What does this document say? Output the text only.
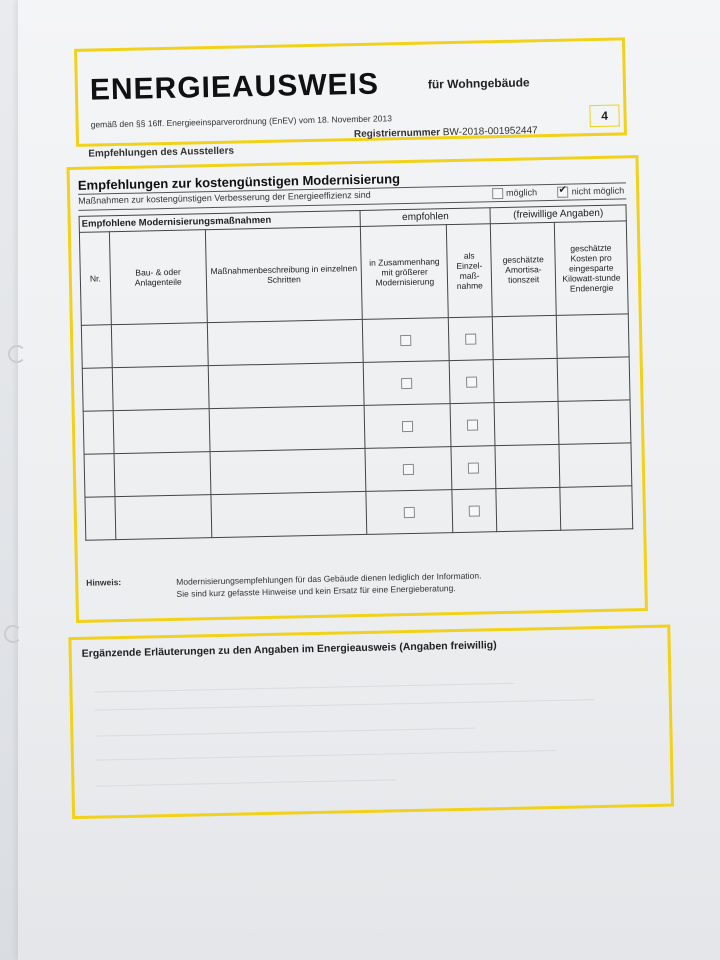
ENERGIEAUSWEIS	für Wohngebäude
gemäß den §§ 16ff. Energieeinsparverordnung (EnEV) vom 18. November 2013	4
Empfehlungen des Ausstellers
Registriernummer BW-2018-001952447
Empfehlungen zur kostengünstigen Modernisierung
Maßnahmen zur kostengünstigen Verbesserung der Energieeffizienz sind	möglich ✔	nicht möglich
Empfohlene Modernisierungsmaßnahmen			empfohlen		(freiwillige Angaben)	
Nr.	Bau- & oder Anlagenteile	Maßnahmenbeschreibung in einzelnen Schritten	in Zusammenhang mit größerer Modernisierung	als Einzel-maß-nahme	geschätzte Amortisa-tionszeit	geschätzte Kosten pro eingesparte Kilowatt-stunde Endenergie

Hinweis:	Modernisierungsempfehlungen für das Gebäude dienen lediglich der Information.
Sie sind kurz gefasste Hinweise und kein Ersatz für eine Energieberatung.
Ergänzende Erläuterungen zu den Angaben im Energieausweis (Angaben freiwillig)
